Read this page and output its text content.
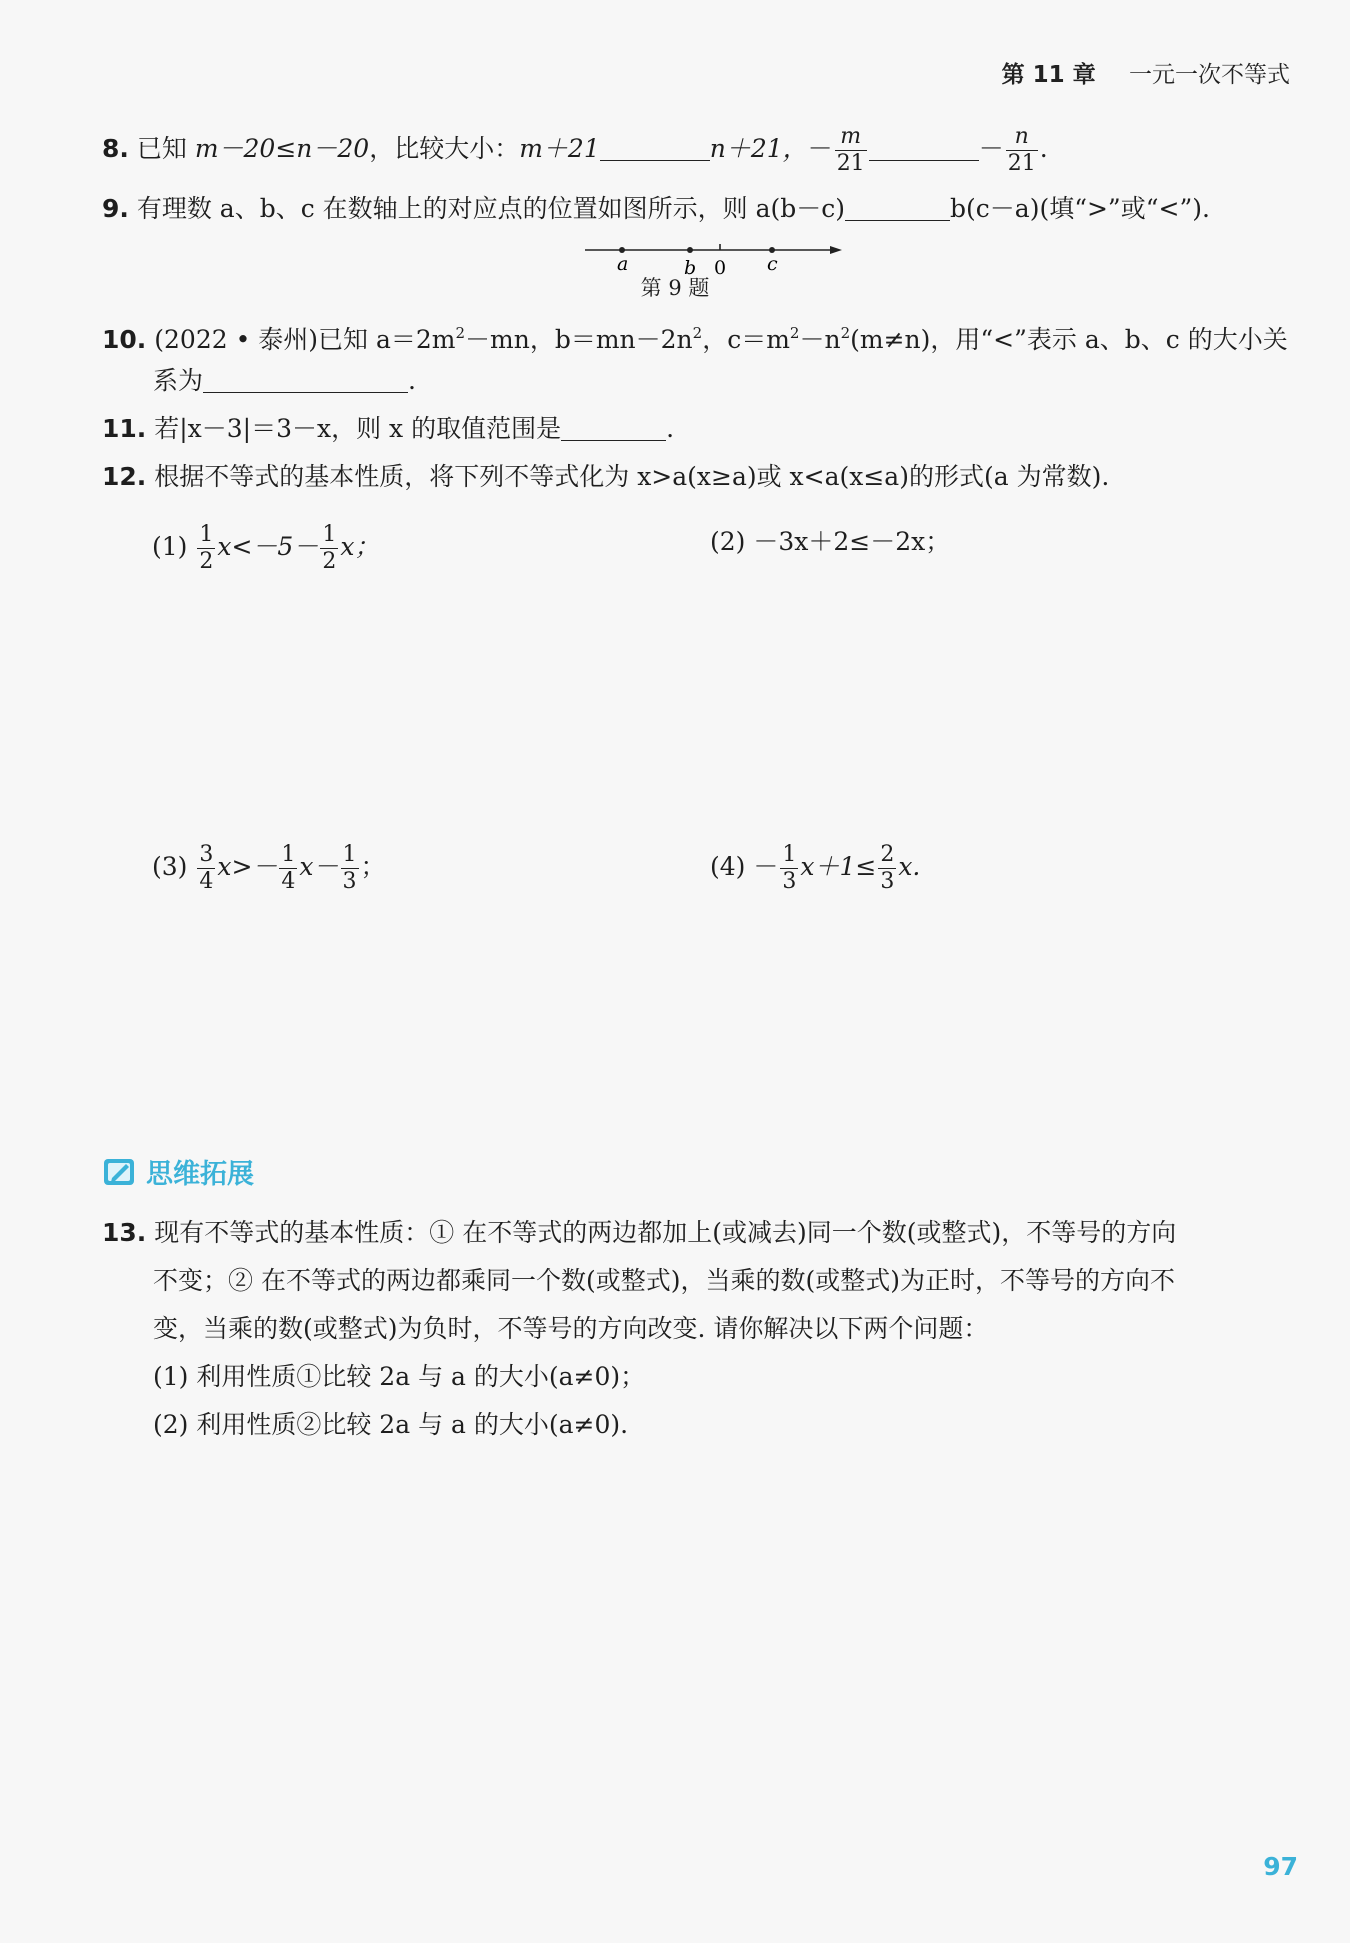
第 11 章 一元一次不等式
8. 已知 m－20≤n－20，比较大小：m＋21	n＋21，－ $\frac{m}{21}$	－ $\frac{n}{21}$ .
9. 有理数 a、b、c 在数轴上的对应点的位置如图所示，则 a(b－c)	b(c－a)(填“>”或“<”).
a	b 0 c
第 9 题
10. (2022 • 泰州)已知 $a=2m^2-mn$，$b=mn-2n^2$，$c=m^2-n^2(m\ne n)$，用“<”表示 a、b、c 的大小关
系为	.
11. 若|x－3|＝3－x，则 x 的取值范围是	.
12. 根据不等式的基本性质，将下列不等式化为 x>a(x≥a)或 x<a(x≤a)的形式(a 为常数).
$(1) \frac{1}{2} x<-5- \frac{1}{2}$ x；	(2) －3x＋2≤－2x；
$(3) \frac{3}{4} x>- \frac{1}{4} x- \frac{1}{3}$ ；	$(4) - \frac{1}{3} x+1\le \frac{2}{3} x$.
思维拓展
13. 现有不等式的基本性质：① 在不等式的两边都加上(或减去)同一个数(或整式)，不等号的方向
不变；② 在不等式的两边都乘同一个数(或整式)，当乘的数(或整式)为正时，不等号的方向不
变，当乘的数(或整式)为负时，不等号的方向改变. 请你解决以下两个问题：
(1) 利用性质①比较 2a 与 a 的大小(a≠0)；
(2) 利用性质②比较 2a 与 a 的大小(a≠0).
97
